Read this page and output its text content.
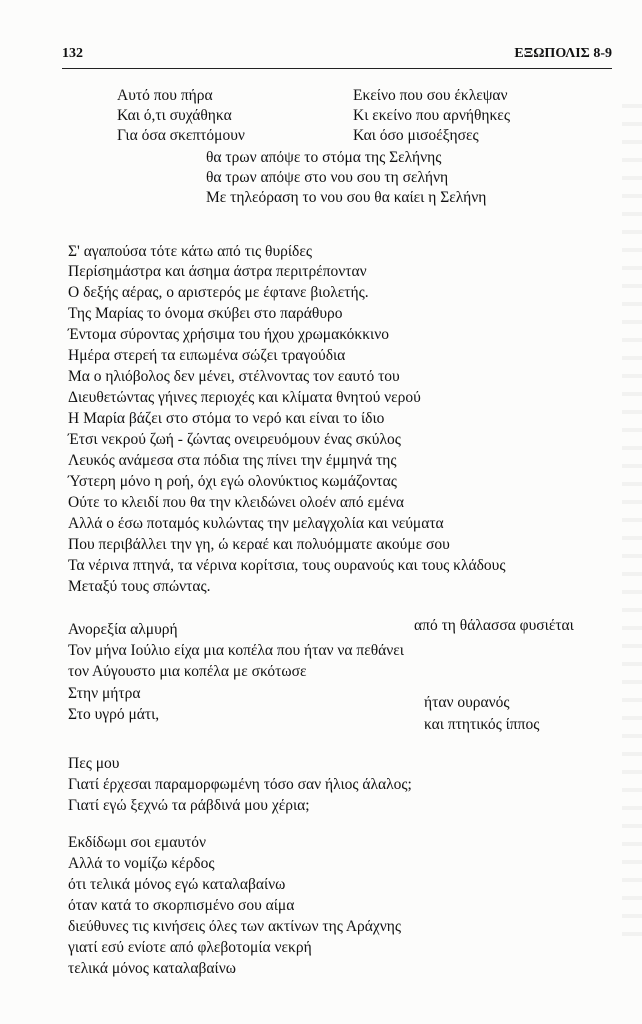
132	ΕΞΩΠΟΛΙΣ 8-9
Αυτό που πήρα
Και ό,τι συχάθηκα
Για όσα σκεπτόμουν
Εκείνο που σου έκλεψαν
Κι εκείνο που αρνήθηκες
Και όσο μισοέξησες
θα τρων απόψε το στόμα της Σελήνης
θα τρων απόψε στο νου σου τη σελήνη
Με τηλεόραση το νου σου θα καίει η Σελήνη
Σ' αγαπούσα τότε κάτω από τις θυρίδες
Περίσημάστρα και άσημα άστρα περιτρέπονταν
Ο δεξής αέρας, ο αριστερός με έφτανε βιολετής.
Της Μαρίας το όνομα σκύβει στο παράθυρο
Έντομα σύροντας χρήσιμα του ήχου χρωμακόκκινο
Ημέρα στερεή τα ειπωμένα σώζει τραγούδια
Μα ο ηλιόβολος δεν μένει, στέλνοντας τον εαυτό του
Διευθετώντας γήινες περιοχές και κλίματα θνητού νερού
Η Μαρία βάζει στο στόμα το νερό και είναι το ίδιο
Έτσι νεκρού ζωή - ζώντας ονειρευόμουν ένας σκύλος
Λευκός ανάμεσα στα πόδια της πίνει την έμμηνά της
Ύστερη μόνο η ροή, όχι εγώ ολονύκτιος κωμάζοντας
Ούτε το κλειδί που θα την κλειδώνει ολοέν από εμένα
Αλλά ο έσω ποταμός κυλώντας την μελαγχολία και νεύματα
Που περιβάλλει την γη, ώ κεραέ και πολυόμματε ακούμε σου
Τα νέρινα πτηνά, τα νέρινα κορίτσια, τους ουρανούς και τους κλάδους
Μεταξύ τους σπώντας.
Ανορεξία αλμυρή	από τη θάλασσα φυσιέται
Τον μήνα Ιούλιο είχα μια κοπέλα που ήταν να πεθάνει
τον Αύγουστο μια κοπέλα με σκότωσε
Στην μήτρα
Στο υγρό μάτι,
ήταν ουρανός
και πτητικός ίππος
Πες μου
Γιατί έρχεσαι παραμορφωμένη τόσο σαν ήλιος άλαλος;
Γιατί εγώ ξεχνώ τα ράβδινά μου χέρια;
Εκδίδωμι σοι εμαυτόν
Αλλά το νομίζω κέρδος
ότι τελικά μόνος εγώ καταλαβαίνω
όταν κατά το σκορπισμένο σου αίμα
διεύθυνες τις κινήσεις όλες των ακτίνων της Αράχνης
γιατί εσύ ενίοτε από φλεβοτομία νεκρή
τελικά μόνος καταλαβαίνω
